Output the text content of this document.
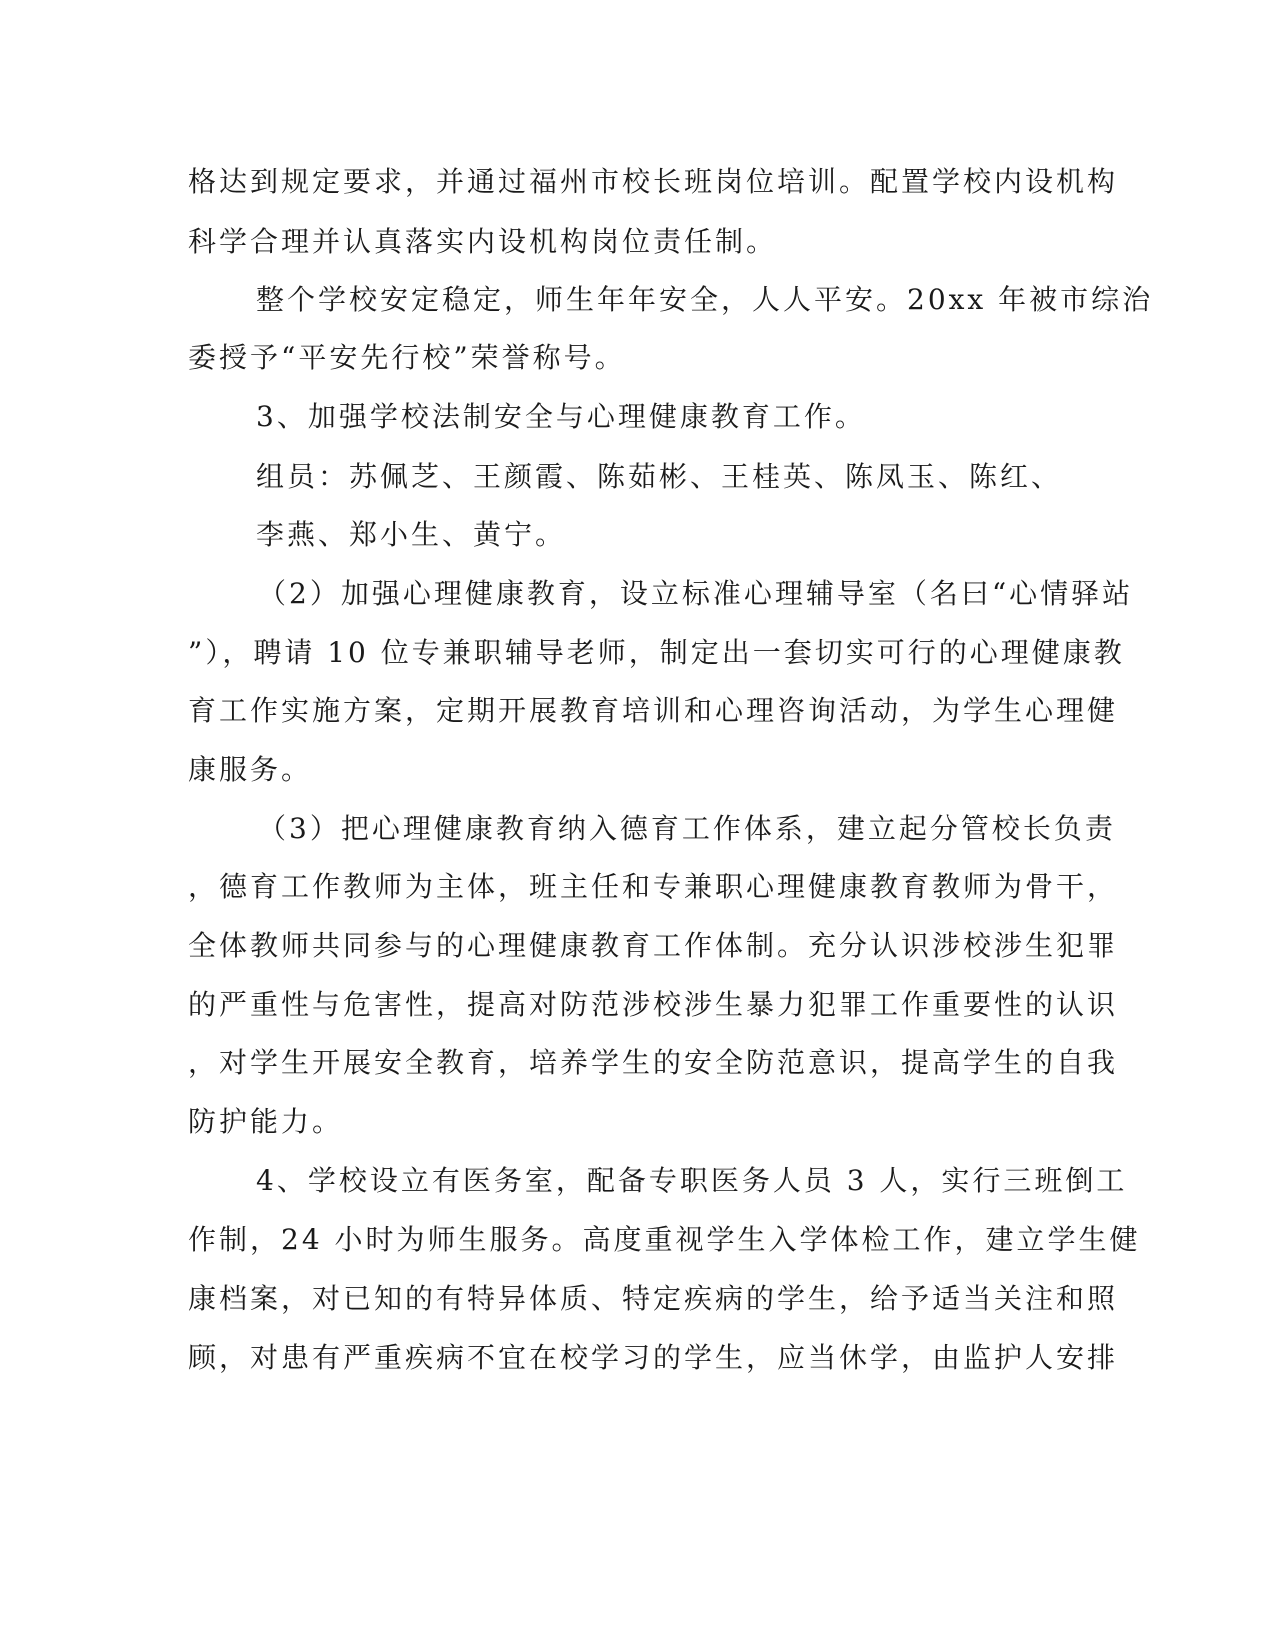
格达到规定要求，并通过福州市校长班岗位培训。配置学校内设机构
科学合理并认真落实内设机构岗位责任制。
整个学校安定稳定，师生年年安全，人人平安。20xx 年被市综治
委授予“平安先行校”荣誉称号。
3、加强学校法制安全与心理健康教育工作。
组员：苏佩芝、王颜霞、陈茹彬、王桂英、陈凤玉、陈红、
李燕、郑小生、黄宁。
（2）加强心理健康教育，设立标准心理辅导室（名曰“心情驿站
”），聘请 10 位专兼职辅导老师，制定出一套切实可行的心理健康教
育工作实施方案，定期开展教育培训和心理咨询活动，为学生心理健
康服务。
（3）把心理健康教育纳入德育工作体系，建立起分管校长负责
，德育工作教师为主体，班主任和专兼职心理健康教育教师为骨干，
全体教师共同参与的心理健康教育工作体制。充分认识涉校涉生犯罪
的严重性与危害性，提高对防范涉校涉生暴力犯罪工作重要性的认识
，对学生开展安全教育，培养学生的安全防范意识，提高学生的自我
防护能力。
4、学校设立有医务室，配备专职医务人员 3 人，实行三班倒工
作制，24 小时为师生服务。高度重视学生入学体检工作，建立学生健
康档案，对已知的有特异体质、特定疾病的学生，给予适当关注和照
顾，对患有严重疾病不宜在校学习的学生，应当休学，由监护人安排
